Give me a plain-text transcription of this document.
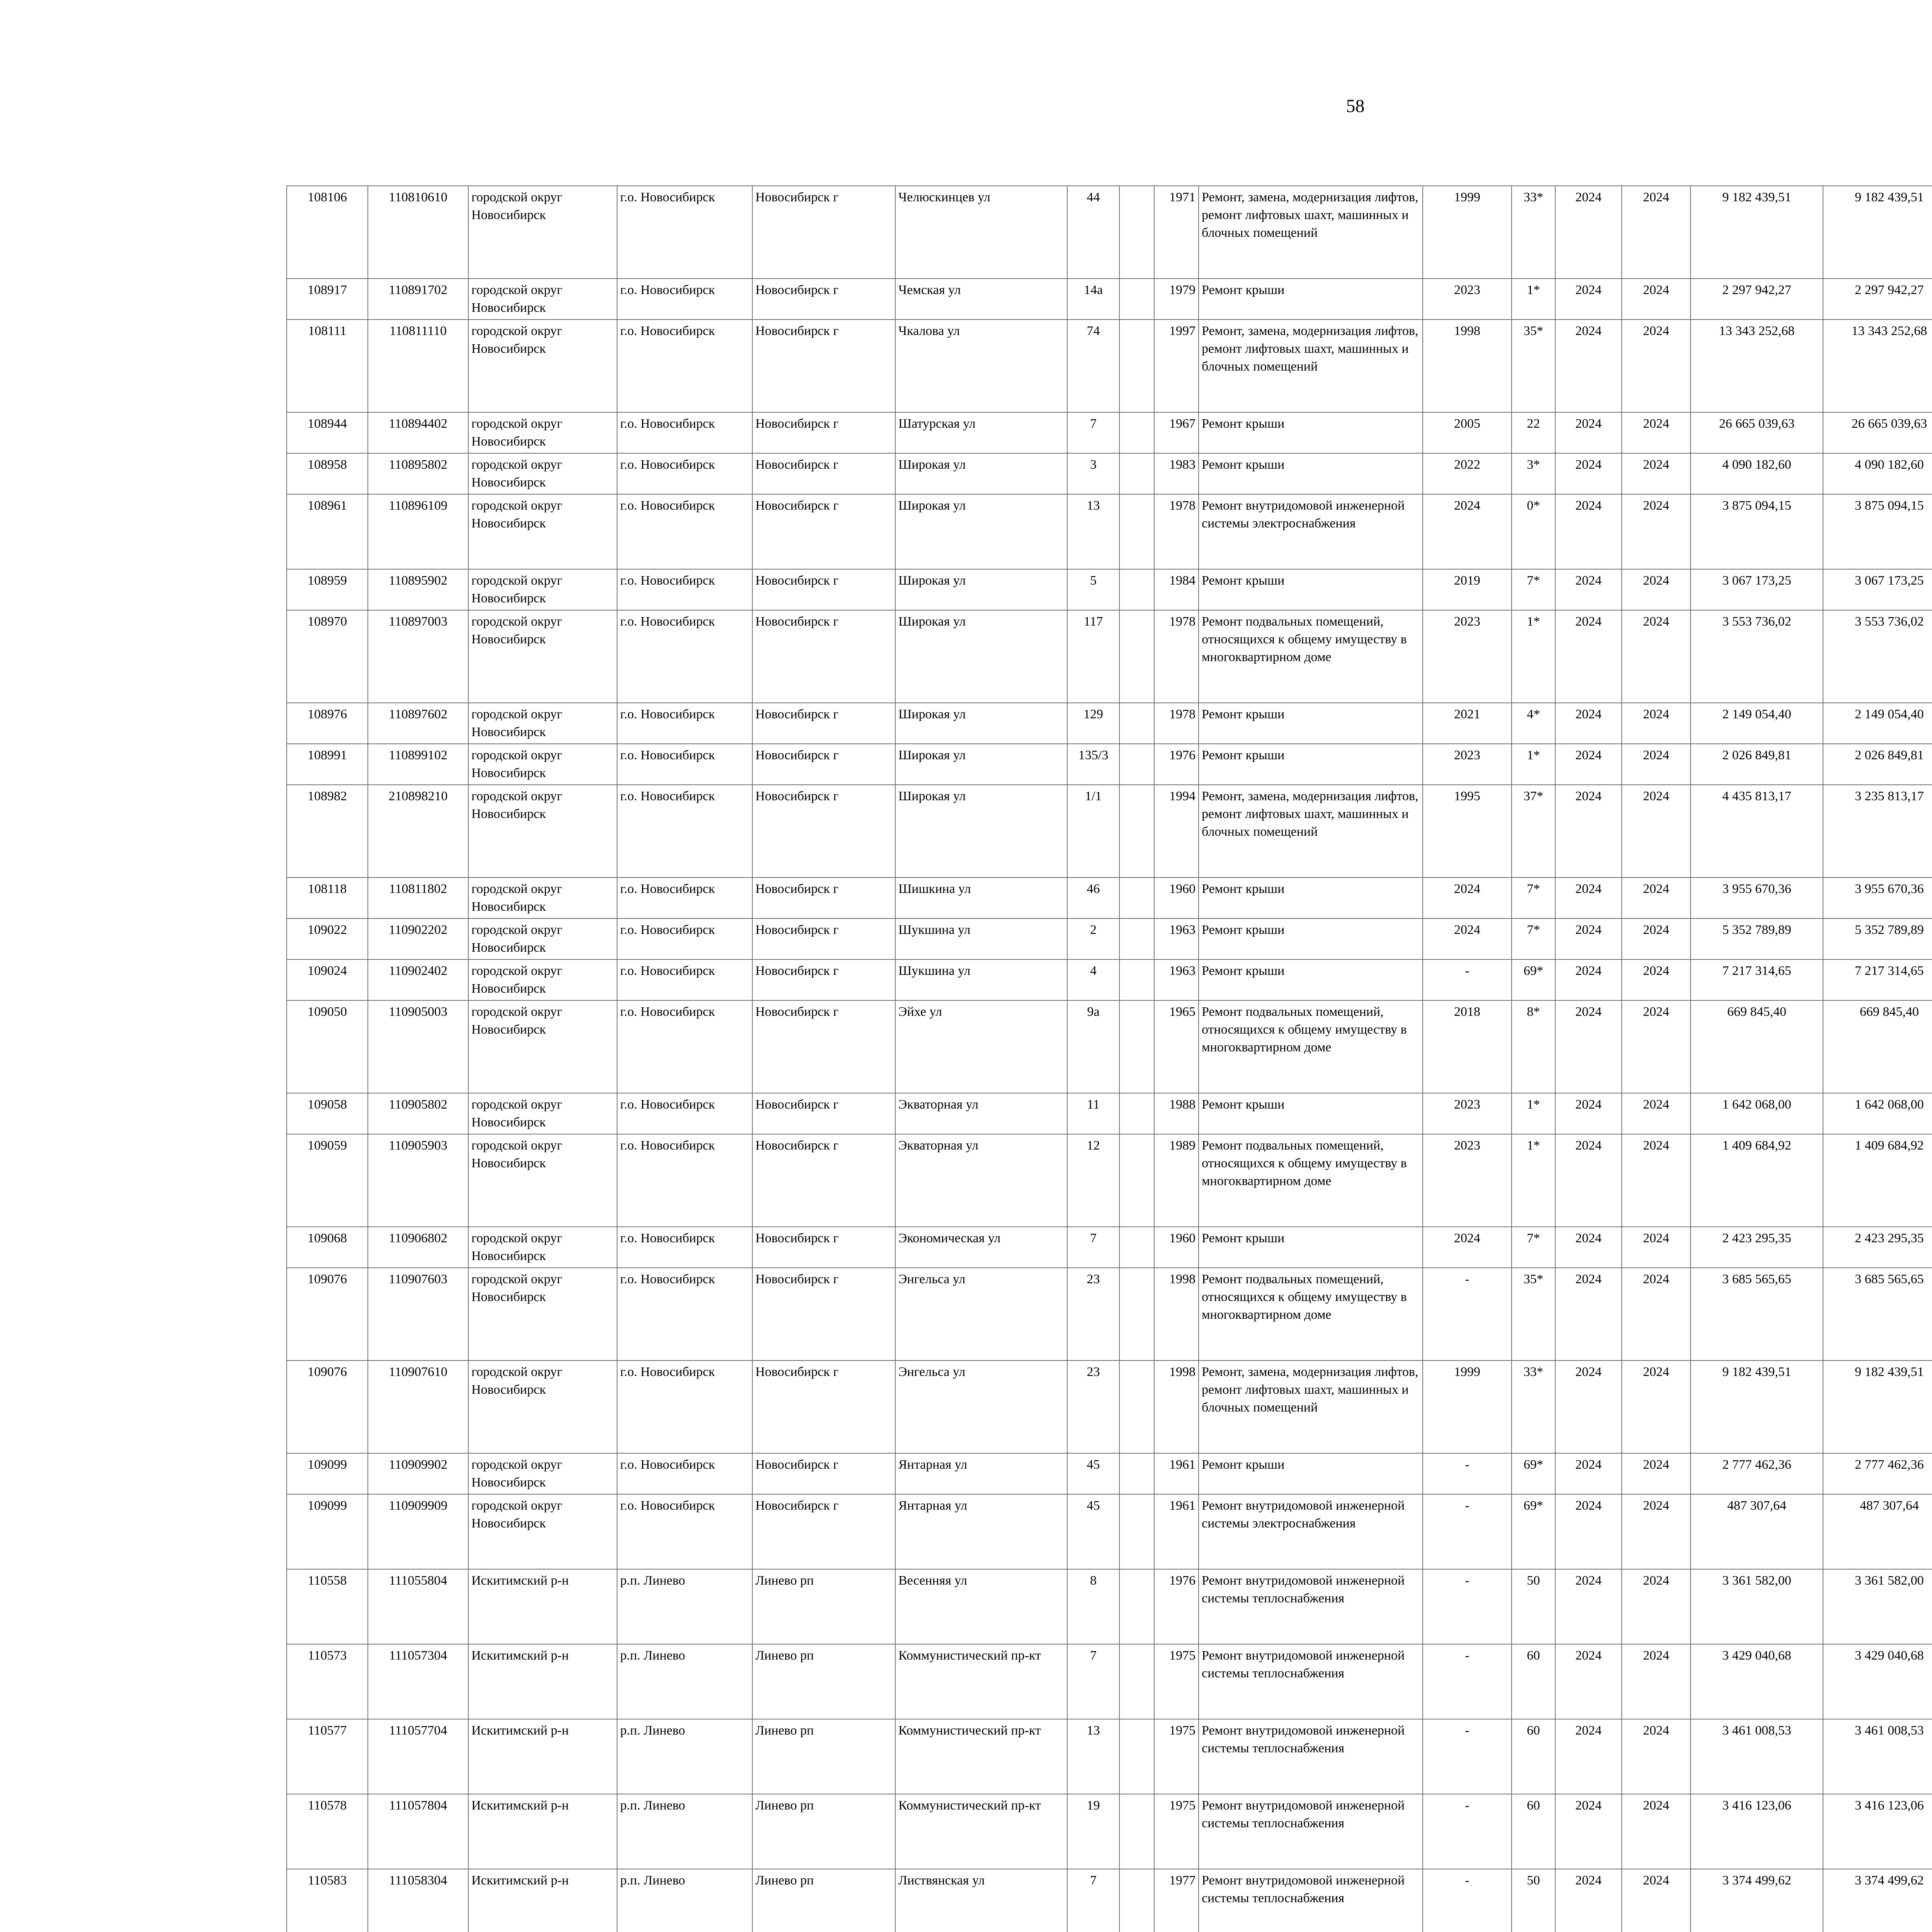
58
108106	110810610	городской округ Новосибирск	г.о. Новосибирск	Новосибирск г	Челюскинцев ул	44		1971	Ремонт, замена, модернизация лифтов, ремонт лифтовых шахт, машинных и блочных помещений	1999	33*	2024	2024	9 182 439,51	9 182 439,51						
108917	110891702	городской округ Новосибирск	г.о. Новосибирск	Новосибирск г	Чемская ул	14а		1979	Ремонт крыши	2023	1*	2024	2024	2 297 942,27	2 297 942,27						
108111	110811110	городской округ Новосибирск	г.о. Новосибирск	Новосибирск г	Чкалова ул	74		1997	Ремонт, замена, модернизация лифтов, ремонт лифтовых шахт, машинных и блочных помещений	1998	35*	2024	2024	13 343 252,68	13 343 252,68						
108944	110894402	городской округ Новосибирск	г.о. Новосибирск	Новосибирск г	Шатурская ул	7		1967	Ремонт крыши	2005	22	2024	2024	26 665 039,63	26 665 039,63						
108958	110895802	городской округ Новосибирск	г.о. Новосибирск	Новосибирск г	Широкая ул	3		1983	Ремонт крыши	2022	3*	2024	2024	4 090 182,60	4 090 182,60						
108961	110896109	городской округ Новосибирск	г.о. Новосибирск	Новосибирск г	Широкая ул	13		1978	Ремонт внутридомовой инженерной системы электроснабжения	2024	0*	2024	2024	3 875 094,15	3 875 094,15						
108959	110895902	городской округ Новосибирск	г.о. Новосибирск	Новосибирск г	Широкая ул	5		1984	Ремонт крыши	2019	7*	2024	2024	3 067 173,25	3 067 173,25						
108970	110897003	городской округ Новосибирск	г.о. Новосибирск	Новосибирск г	Широкая ул	117		1978	Ремонт подвальных помещений, относящихся к общему имуществу в многоквартирном доме	2023	1*	2024	2024	3 553 736,02	3 553 736,02						
108976	110897602	городской округ Новосибирск	г.о. Новосибирск	Новосибирск г	Широкая ул	129		1978	Ремонт крыши	2021	4*	2024	2024	2 149 054,40	2 149 054,40						
108991	110899102	городской округ Новосибирск	г.о. Новосибирск	Новосибирск г	Широкая ул	135/3		1976	Ремонт крыши	2023	1*	2024	2024	2 026 849,81	2 026 849,81						
108982	210898210	городской округ Новосибирск	г.о. Новосибирск	Новосибирск г	Широкая ул	1/1		1994	Ремонт, замена, модернизация лифтов, ремонт лифтовых шахт, машинных и блочных помещений	1995	37*	2024	2024	4 435 813,17	3 235 813,17						
108118	110811802	городской округ Новосибирск	г.о. Новосибирск	Новосибирск г	Шишкина ул	46		1960	Ремонт крыши	2024	7*	2024	2024	3 955 670,36	3 955 670,36						
109022	110902202	городской округ Новосибирск	г.о. Новосибирск	Новосибирск г	Шукшина ул	2		1963	Ремонт крыши	2024	7*	2024	2024	5 352 789,89	5 352 789,89						
109024	110902402	городской округ Новосибирск	г.о. Новосибирск	Новосибирск г	Шукшина ул	4		1963	Ремонт крыши	-	69*	2024	2024	7 217 314,65	7 217 314,65						
109050	110905003	городской округ Новосибирск	г.о. Новосибирск	Новосибирск г	Эйхе ул	9а		1965	Ремонт подвальных помещений, относящихся к общему имуществу в многоквартирном доме	2018	8*	2024	2024	669 845,40	669 845,40						
109058	110905802	городской округ Новосибирск	г.о. Новосибирск	Новосибирск г	Экваторная ул	11		1988	Ремонт крыши	2023	1*	2024	2024	1 642 068,00	1 642 068,00						
109059	110905903	городской округ Новосибирск	г.о. Новосибирск	Новосибирск г	Экваторная ул	12		1989	Ремонт подвальных помещений, относящихся к общему имуществу в многоквартирном доме	2023	1*	2024	2024	1 409 684,92	1 409 684,92						
109068	110906802	городской округ Новосибирск	г.о. Новосибирск	Новосибирск г	Экономическая ул	7		1960	Ремонт крыши	2024	7*	2024	2024	2 423 295,35	2 423 295,35						
109076	110907603	городской округ Новосибирск	г.о. Новосибирск	Новосибирск г	Энгельса ул	23		1998	Ремонт подвальных помещений, относящихся к общему имуществу в многоквартирном доме	-	35*	2024	2024	3 685 565,65	3 685 565,65						
109076	110907610	городской округ Новосибирск	г.о. Новосибирск	Новосибирск г	Энгельса ул	23		1998	Ремонт, замена, модернизация лифтов, ремонт лифтовых шахт, машинных и блочных помещений	1999	33*	2024	2024	9 182 439,51	9 182 439,51						
109099	110909902	городской округ Новосибирск	г.о. Новосибирск	Новосибирск г	Янтарная ул	45		1961	Ремонт крыши	-	69*	2024	2024	2 777 462,36	2 777 462,36						
109099	110909909	городской округ Новосибирск	г.о. Новосибирск	Новосибирск г	Янтарная ул	45		1961	Ремонт внутридомовой инженерной системы электроснабжения	-	69*	2024	2024	487 307,64	487 307,64						
110558	111055804	Искитимский р-н	р.п. Линево	Линево рп	Весенняя ул	8		1976	Ремонт внутридомовой инженерной системы теплоснабжения	-	50	2024	2024	3 361 582,00	3 361 582,00						
110573	111057304	Искитимский р-н	р.п. Линево	Линево рп	Коммунистический пр-кт	7		1975	Ремонт внутридомовой инженерной системы теплоснабжения	-	60	2024	2024	3 429 040,68	3 429 040,68						
110577	111057704	Искитимский р-н	р.п. Линево	Линево рп	Коммунистический пр-кт	13		1975	Ремонт внутридомовой инженерной системы теплоснабжения	-	60	2024	2024	3 461 008,53	3 461 008,53						
110578	111057804	Искитимский р-н	р.п. Линево	Линево рп	Коммунистический пр-кт	19		1975	Ремонт внутридомовой инженерной системы теплоснабжения	-	60	2024	2024	3 416 123,06	3 416 123,06						
110583	111058304	Искитимский р-н	р.п. Линево	Линево рп	Листвянская ул	7		1977	Ремонт внутридомовой инженерной системы теплоснабжения	-	50	2024	2024	3 374 499,62	3 374 499,62						
